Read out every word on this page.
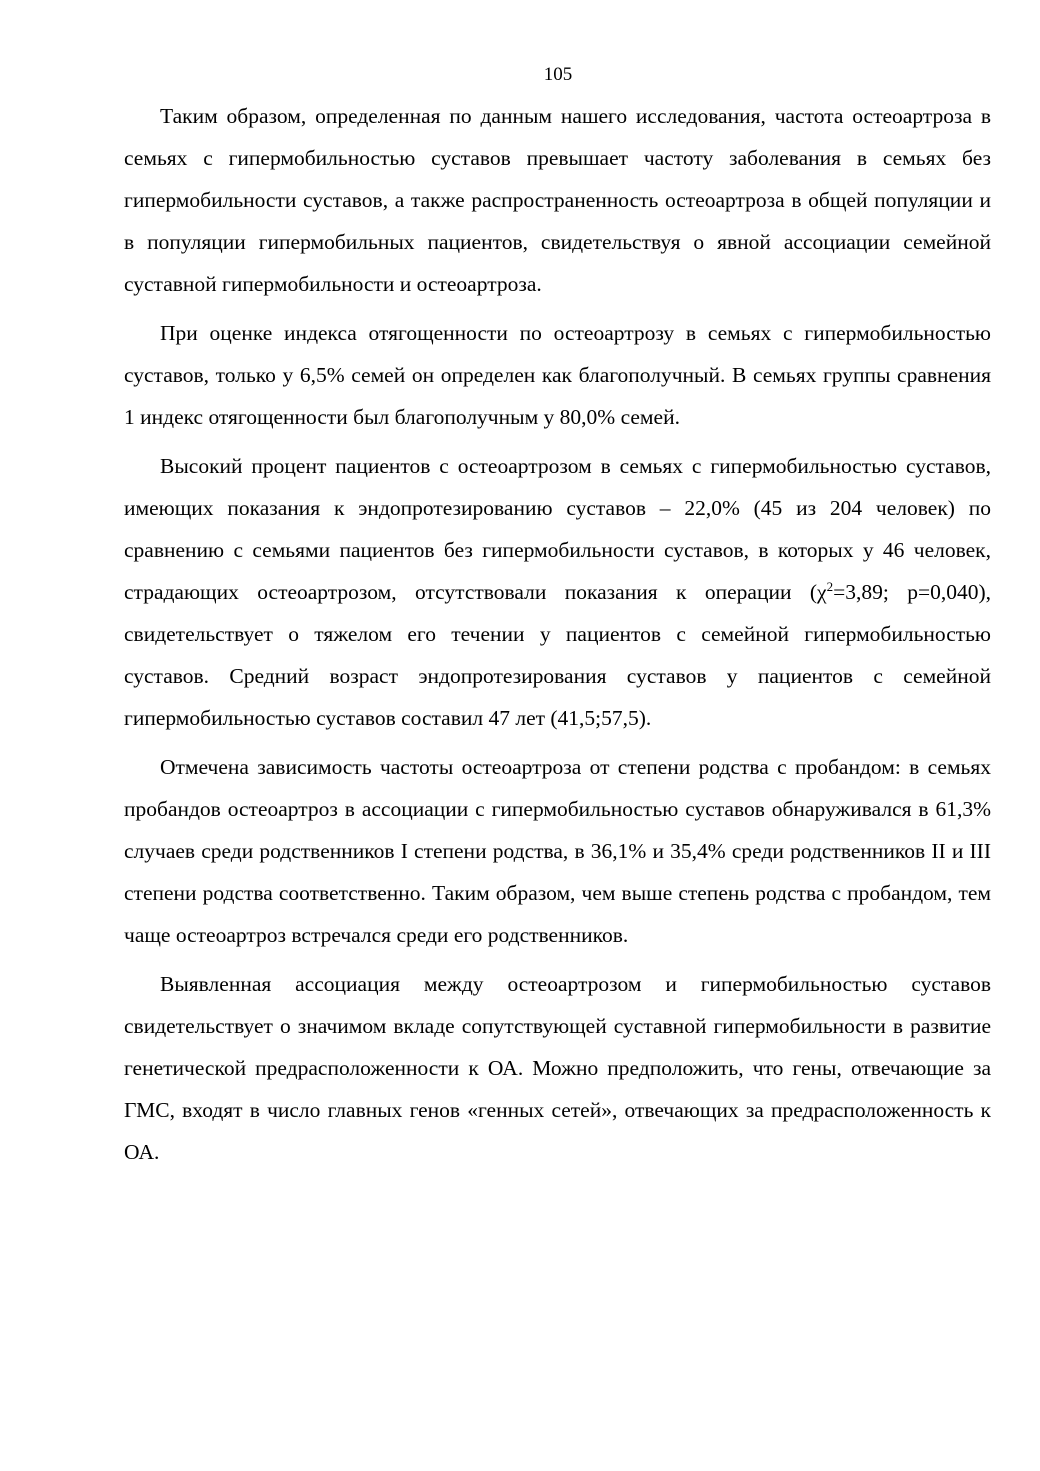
105

Таким образом, определенная по данным нашего исследования, частота остеоартроза в семьях с гипермобильностью суставов превышает частоту заболевания в семьях без гипермобильности суставов, а также распространенность остеоартроза в общей популяции и в популяции гипермобильных пациентов, свидетельствуя о явной ассоциации семейной суставной гипермобильности и остеоартроза.

При оценке индекса отягощенности по остеоартрозу в семьях с гипермобильностью суставов, только у 6,5% семей он определен как благополучный. В семьях группы сравнения 1 индекс отягощенности был благополучным у 80,0% семей.

Высокий процент пациентов с остеоартрозом в семьях с гипермобильностью суставов, имеющих показания к эндопротезированию суставов – 22,0% (45 из 204 человек) по сравнению с семьями пациентов без гипермобильности суставов, в которых у 46 человек, страдающих остеоартрозом, отсутствовали показания к операции ($\chi^2=3,89$; p=0,040), свидетельствует о тяжелом его течении у пациентов с семейной гипермобильностью суставов. Средний возраст эндопротезирования суставов у пациентов с семейной гипермобильностью суставов составил 47 лет (41,5;57,5).

Отмечена зависимость частоты остеоартроза от степени родства с пробандом: в семьях пробандов остеоартроз в ассоциации с гипермобильностью суставов обнаруживался в 61,3% случаев среди родственников I степени родства, в 36,1% и 35,4% среди родственников II и III степени родства соответственно. Таким образом, чем выше степень родства с пробандом, тем чаще остеоартроз встречался среди его родственников.

Выявленная ассоциация между остеоартрозом и гипермобильностью суставов свидетельствует о значимом вкладе сопутствующей суставной гипермобильности в развитие генетической предрасположенности к ОА. Можно предположить, что гены, отвечающие за ГМС, входят в число главных генов «генных сетей», отвечающих за предрасположенность к ОА.
